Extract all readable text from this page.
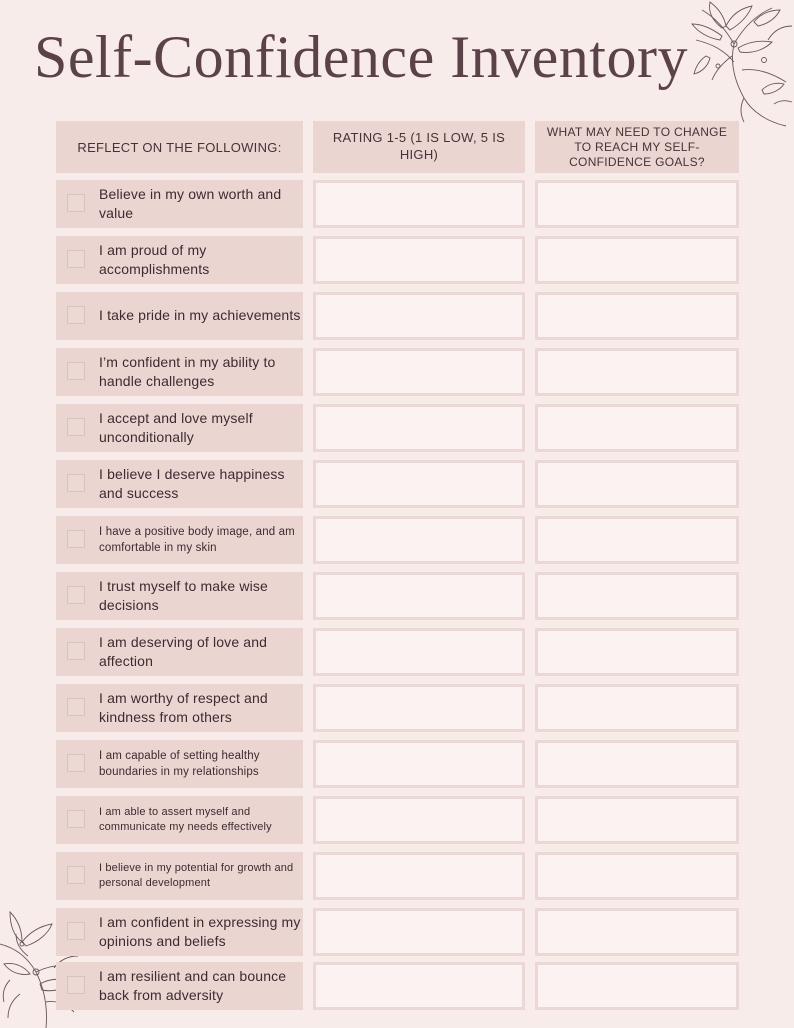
Self-Confidence Inventory
REFLECT ON THE FOLLOWING:
RATING 1-5 (1 IS LOW, 5 IS HIGH)
WHAT MAY NEED TO CHANGE TO REACH MY SELF-CONFIDENCE GOALS?
Believe in my own worth and value
I am proud of my accomplishments
I take pride in my achievements
I’m confident in my ability to handle challenges
I accept and love myself unconditionally
I believe I deserve happiness and success
I have a positive body image, and am comfortable in my skin
I trust myself to make wise decisions
I am deserving of love and affection
I am worthy of respect and kindness from others
I am capable of setting healthy boundaries in my relationships
I am able to assert myself and communicate my needs effectively
I believe in my potential for growth and personal development
I am confident in expressing my opinions and beliefs
I am resilient and can bounce back from adversity
